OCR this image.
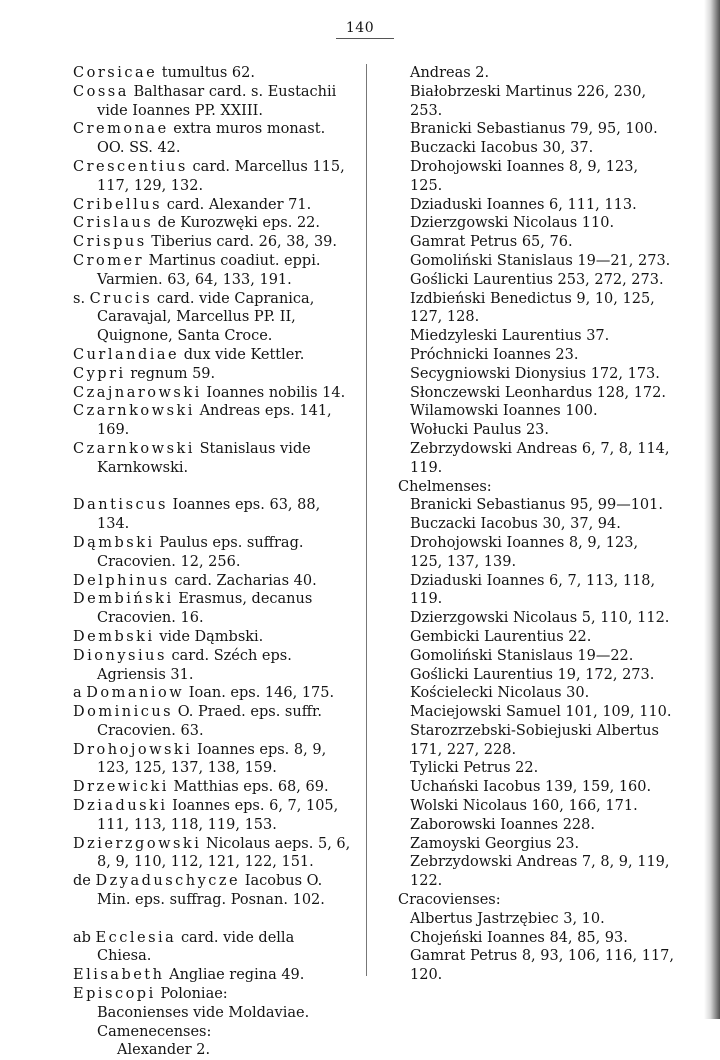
140
Corsicae tumultus 62.
Cossa Balthasar card. s. Eustachii vide Ioannes PP. XXIII.
Cremonae extra muros monast. OO. SS. 42.
Crescentius card. Marcellus 115, 117, 129, 132.
Cribellus card. Alexander 71.
Crislaus de Kurozwęki eps. 22.
Crispus Tiberius card. 26, 38, 39.
Cromer Martinus coadiut. eppi. Varmien. 63, 64, 133, 191.
s. Crucis card. vide Capranica, Caravajal, Marcellus PP. II, Quignone, Santa Croce.
Curlandiae dux vide Kettler.
Cypri regnum 59.
Czajnarowski Ioannes nobilis 14.
Czarnkowski Andreas eps. 141, 169.
Czarnkowski Stanislaus vide Karnkowski.
Dantiscus Ioannes eps. 63, 88, 134.
Dąmbski Paulus eps. suffrag. Cracovien. 12, 256.
Delphinus card. Zacharias 40.
Dembiński Erasmus, decanus Cracovien. 16.
Dembski vide Dąmbski.
Dionysius card. Széch eps. Agriensis 31.
a Domaniow Ioan. eps. 146, 175.
Dominicus O. Praed. eps. suffr. Cracovien. 63.
Drohojowski Ioannes eps. 8, 9, 123, 125, 137, 138, 159.
Drzewicki Matthias eps. 68, 69.
Dziaduski Ioannes eps. 6, 7, 105, 111, 113, 118, 119, 153.
Dzierzgowski Nicolaus aeps. 5, 6, 8, 9, 110, 112, 121, 122, 151.
de Dzyaduschycze Iacobus O. Min. eps. suffrag. Posnan. 102.
ab Ecclesia card. vide della Chiesa.
Elisabeth Angliae regina 49.
Episcopi Poloniae:
Baconienses vide Moldaviae.
Camenecenses:
Alexander 2.
Andreas 2.
Białobrzeski Martinus 226, 230, 253.
Branicki Sebastianus 79, 95, 100.
Buczacki Iacobus 30, 37.
Drohojowski Ioannes 8, 9, 123, 125.
Dziaduski Ioannes 6, 111, 113.
Dzierzgowski Nicolaus 110.
Gamrat Petrus 65, 76.
Gomoliński Stanislaus 19—21, 273.
Goślicki Laurentius 253, 272, 273.
Izdbieński Benedictus 9, 10, 125, 127, 128.
Miedzyleski Laurentius 37.
Próchnicki Ioannes 23.
Secygniowski Dionysius 172, 173.
Słonczewski Leonhardus 128, 172.
Wilamowski Ioannes 100.
Wołucki Paulus 23.
Zebrzydowski Andreas 6, 7, 8, 114, 119.
Chelmenses:
Branicki Sebastianus 95, 99—101.
Buczacki Iacobus 30, 37, 94.
Drohojowski Ioannes 8, 9, 123, 125, 137, 139.
Dziaduski Ioannes 6, 7, 113, 118, 119.
Dzierzgowski Nicolaus 5, 110, 112.
Gembicki Laurentius 22.
Gomoliński Stanislaus 19—22.
Goślicki Laurentius 19, 172, 273.
Kościelecki Nicolaus 30.
Maciejowski Samuel 101, 109, 110.
Starozrzebski-Sobiejuski Albertus 171, 227, 228.
Tylicki Petrus 22.
Uchański Iacobus 139, 159, 160.
Wolski Nicolaus 160, 166, 171.
Zaborowski Ioannes 228.
Zamoyski Georgius 23.
Zebrzydowski Andreas 7, 8, 9, 119, 122.
Cracovienses:
Albertus Jastrzębiec 3, 10.
Chojeński Ioannes 84, 85, 93.
Gamrat Petrus 8, 93, 106, 116, 117, 120.
